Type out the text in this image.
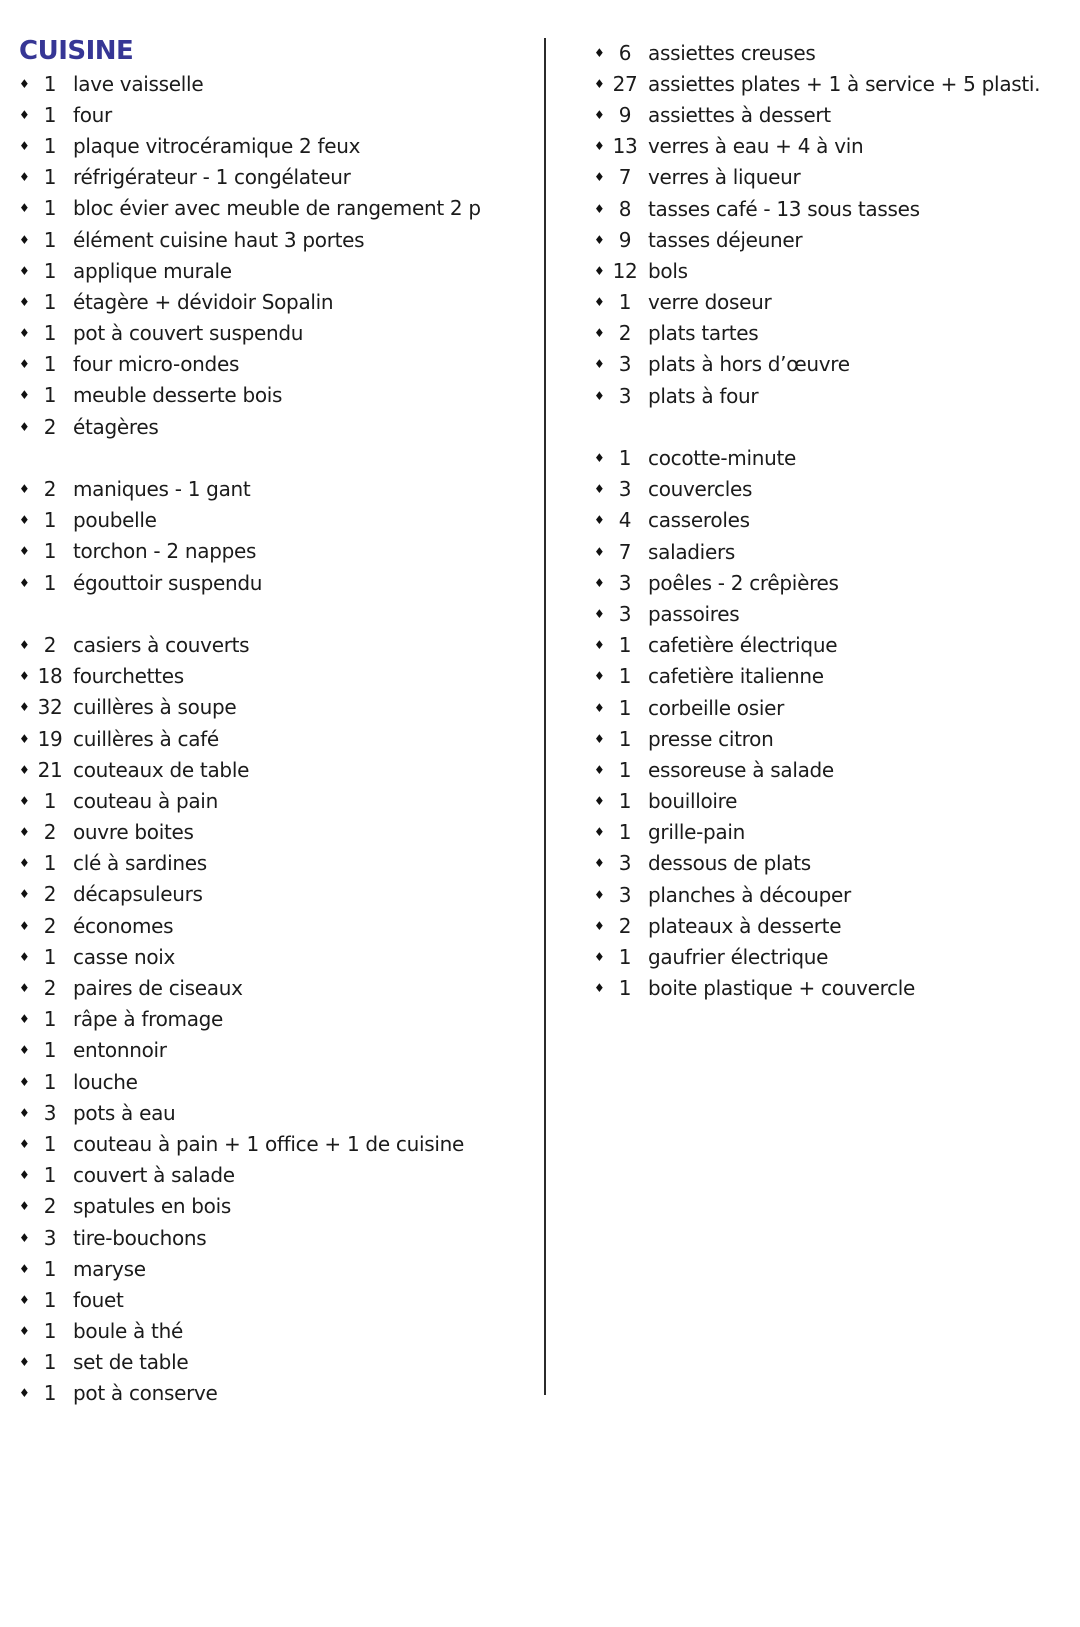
CUISINE
♦ 1 lave vaisselle
♦ 1 four
♦ 1 plaque vitrocéramique 2 feux
♦ 1 réfrigérateur - 1 congélateur
♦ 1 bloc évier avec meuble de rangement 2 p
♦ 1 élément cuisine haut 3 portes
♦ 1 applique murale
♦ 1 étagère + dévidoir Sopalin
♦ 1 pot à couvert suspendu
♦ 1 four micro-ondes
♦ 1 meuble desserte bois
♦ 2 étagères
♦ 2 maniques - 1 gant
♦ 1 poubelle
♦ 1 torchon - 2 nappes
♦ 1 égouttoir suspendu
♦ 2 casiers à couverts
♦ 18 fourchettes
♦ 32 cuillères à soupe
♦ 19 cuillères à café
♦ 21 couteaux de table
♦ 1 couteau à pain
♦ 2 ouvre boites
♦ 1 clé à sardines
♦ 2 décapsuleurs
♦ 2 économes
♦ 1 casse noix
♦ 2 paires de ciseaux
♦ 1 râpe à fromage
♦ 1 entonnoir
♦ 1 louche
♦ 3 pots à eau
♦ 1 couteau à pain + 1 office + 1 de cuisine
♦ 1 couvert à salade
♦ 2 spatules en bois
♦ 3 tire-bouchons
♦ 1 maryse
♦ 1 fouet
♦ 1 boule à thé
♦ 1 set de table
♦ 1 pot à conserve
♦ 6 assiettes creuses
♦ 27 assiettes plates + 1 à service + 5 plasti.
♦ 9 assiettes à dessert
♦ 13 verres à eau + 4 à vin
♦ 7 verres à liqueur
♦ 8 tasses café - 13 sous tasses
♦ 9 tasses déjeuner
♦ 12 bols
♦ 1 verre doseur
♦ 2 plats tartes
♦ 3 plats à hors d’œuvre
♦ 3 plats à four
♦ 1 cocotte-minute
♦ 3 couvercles
♦ 4 casseroles
♦ 7 saladiers
♦ 3 poêles - 2 crêpières
♦ 3 passoires
♦ 1 cafetière électrique
♦ 1 cafetière italienne
♦ 1 corbeille osier
♦ 1 presse citron
♦ 1 essoreuse à salade
♦ 1 bouilloire
♦ 1 grille-pain
♦ 3 dessous de plats
♦ 3 planches à découper
♦ 2 plateaux à desserte
♦ 1 gaufrier électrique
♦ 1 boite plastique + couvercle
